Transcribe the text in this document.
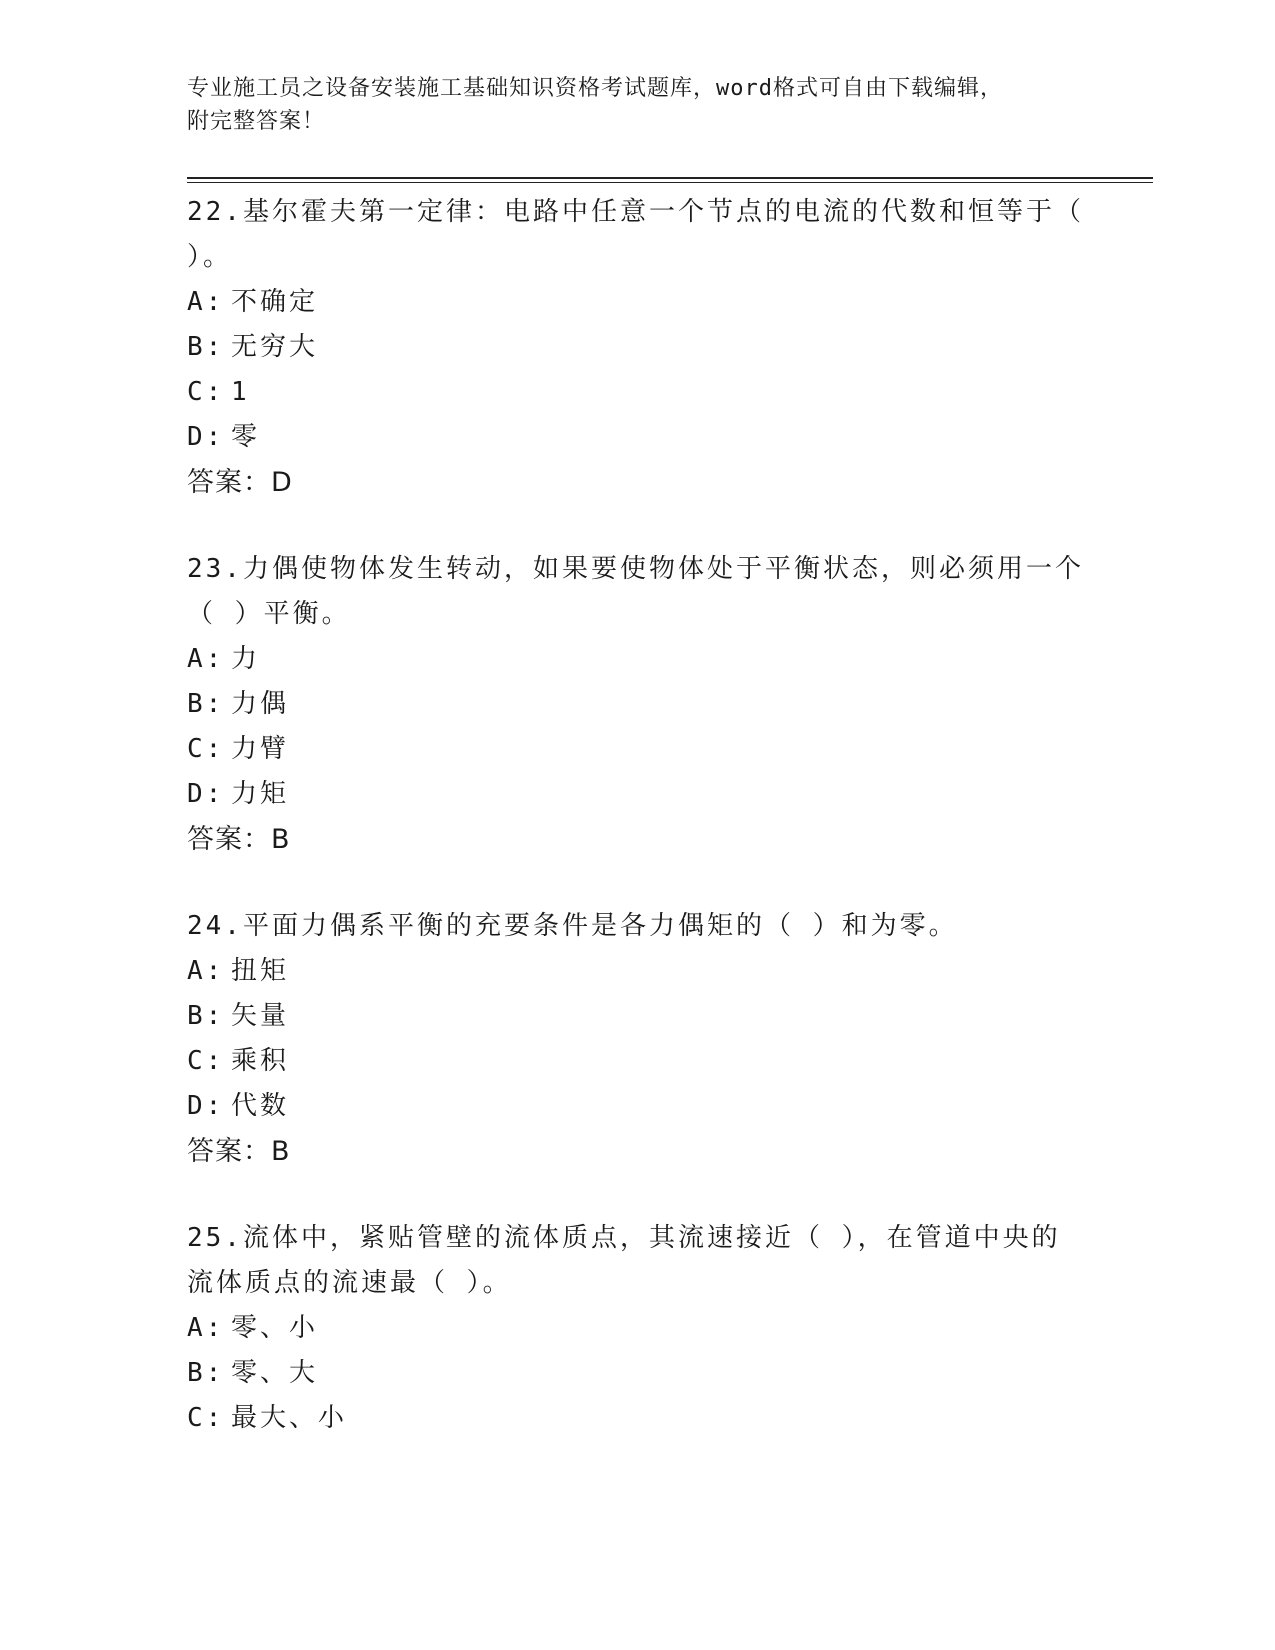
专业施工员之设备安装施工基础知识资格考试题库，word格式可自由下载编辑，
附完整答案！
22.基尔霍夫第一定律：电路中任意一个节点的电流的代数和恒等于（ ）。
A: 不确定
B: 无穷大
C: 1
D: 零
答案：D
23.力偶使物体发生转动，如果要使物体处于平衡状态，则必须用一个（ ）平衡。
A: 力
B: 力偶
C: 力臂
D: 力矩
答案：B
24.平面力偶系平衡的充要条件是各力偶矩的（ ）和为零。
A: 扭矩
B: 矢量
C: 乘积
D: 代数
答案：B
25.流体中，紧贴管壁的流体质点，其流速接近（ ），在管道中央的流体质点的流速最（ ）。
A: 零、小
B: 零、大
C: 最大、小
